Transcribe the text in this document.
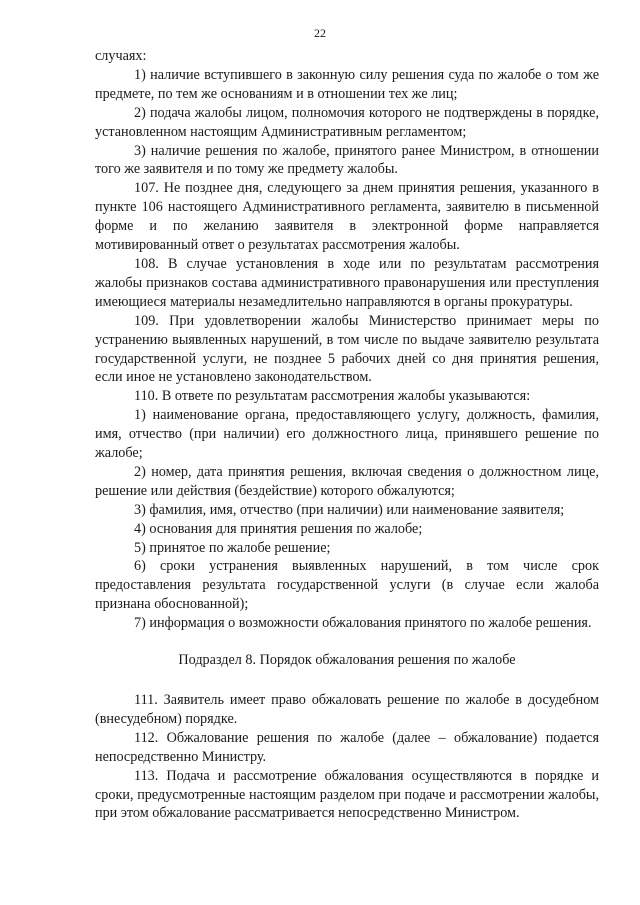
22

случаях:

1) наличие вступившего в законную силу решения суда по жалобе о том же предмете, по тем же основаниям и в отношении тех же лиц;

2) подача жалобы лицом, полномочия которого не подтверждены в порядке, установленном настоящим Административным регламентом;

3) наличие решения по жалобе, принятого ранее Министром, в отношении того же заявителя и по тому же предмету жалобы.

107. Не позднее дня, следующего за днем принятия решения, указанного в пункте 106 настоящего Административного регламента, заявителю в письменной форме и по желанию заявителя в электронной форме направляется мотивированный ответ о результатах рассмотрения жалобы.

108. В случае установления в ходе или по результатам рассмотрения жалобы признаков состава административного правонарушения или преступления имеющиеся материалы незамедлительно направляются в органы прокуратуры.

109. При удовлетворении жалобы Министерство принимает меры по устранению выявленных нарушений, в том числе по выдаче заявителю результата государственной услуги, не позднее 5 рабочих дней со дня принятия решения, если иное не установлено законодательством.

110. В ответе по результатам рассмотрения жалобы указываются:

1) наименование органа, предоставляющего услугу, должность, фамилия, имя, отчество (при наличии) его должностного лица, принявшего решение по жалобе;

2) номер, дата принятия решения, включая сведения о должностном лице, решение или действия (бездействие) которого обжалуются;

3) фамилия, имя, отчество (при наличии) или наименование заявителя;

4) основания для принятия решения по жалобе;

5) принятое по жалобе решение;

6) сроки устранения выявленных нарушений, в том числе срок предоставления результата государственной услуги (в случае если жалоба признана обоснованной);

7) информация о возможности обжалования принятого по жалобе решения.

Подраздел 8. Порядок обжалования решения по жалобе

111. Заявитель имеет право обжаловать решение по жалобе в досудебном (внесудебном) порядке.

112. Обжалование решения по жалобе (далее – обжалование) подается непосредственно Министру.

113. Подача и рассмотрение обжалования осуществляются в порядке и сроки, предусмотренные настоящим разделом при подаче и рассмотрении жалобы, при этом обжалование рассматривается непосредственно Министром.
